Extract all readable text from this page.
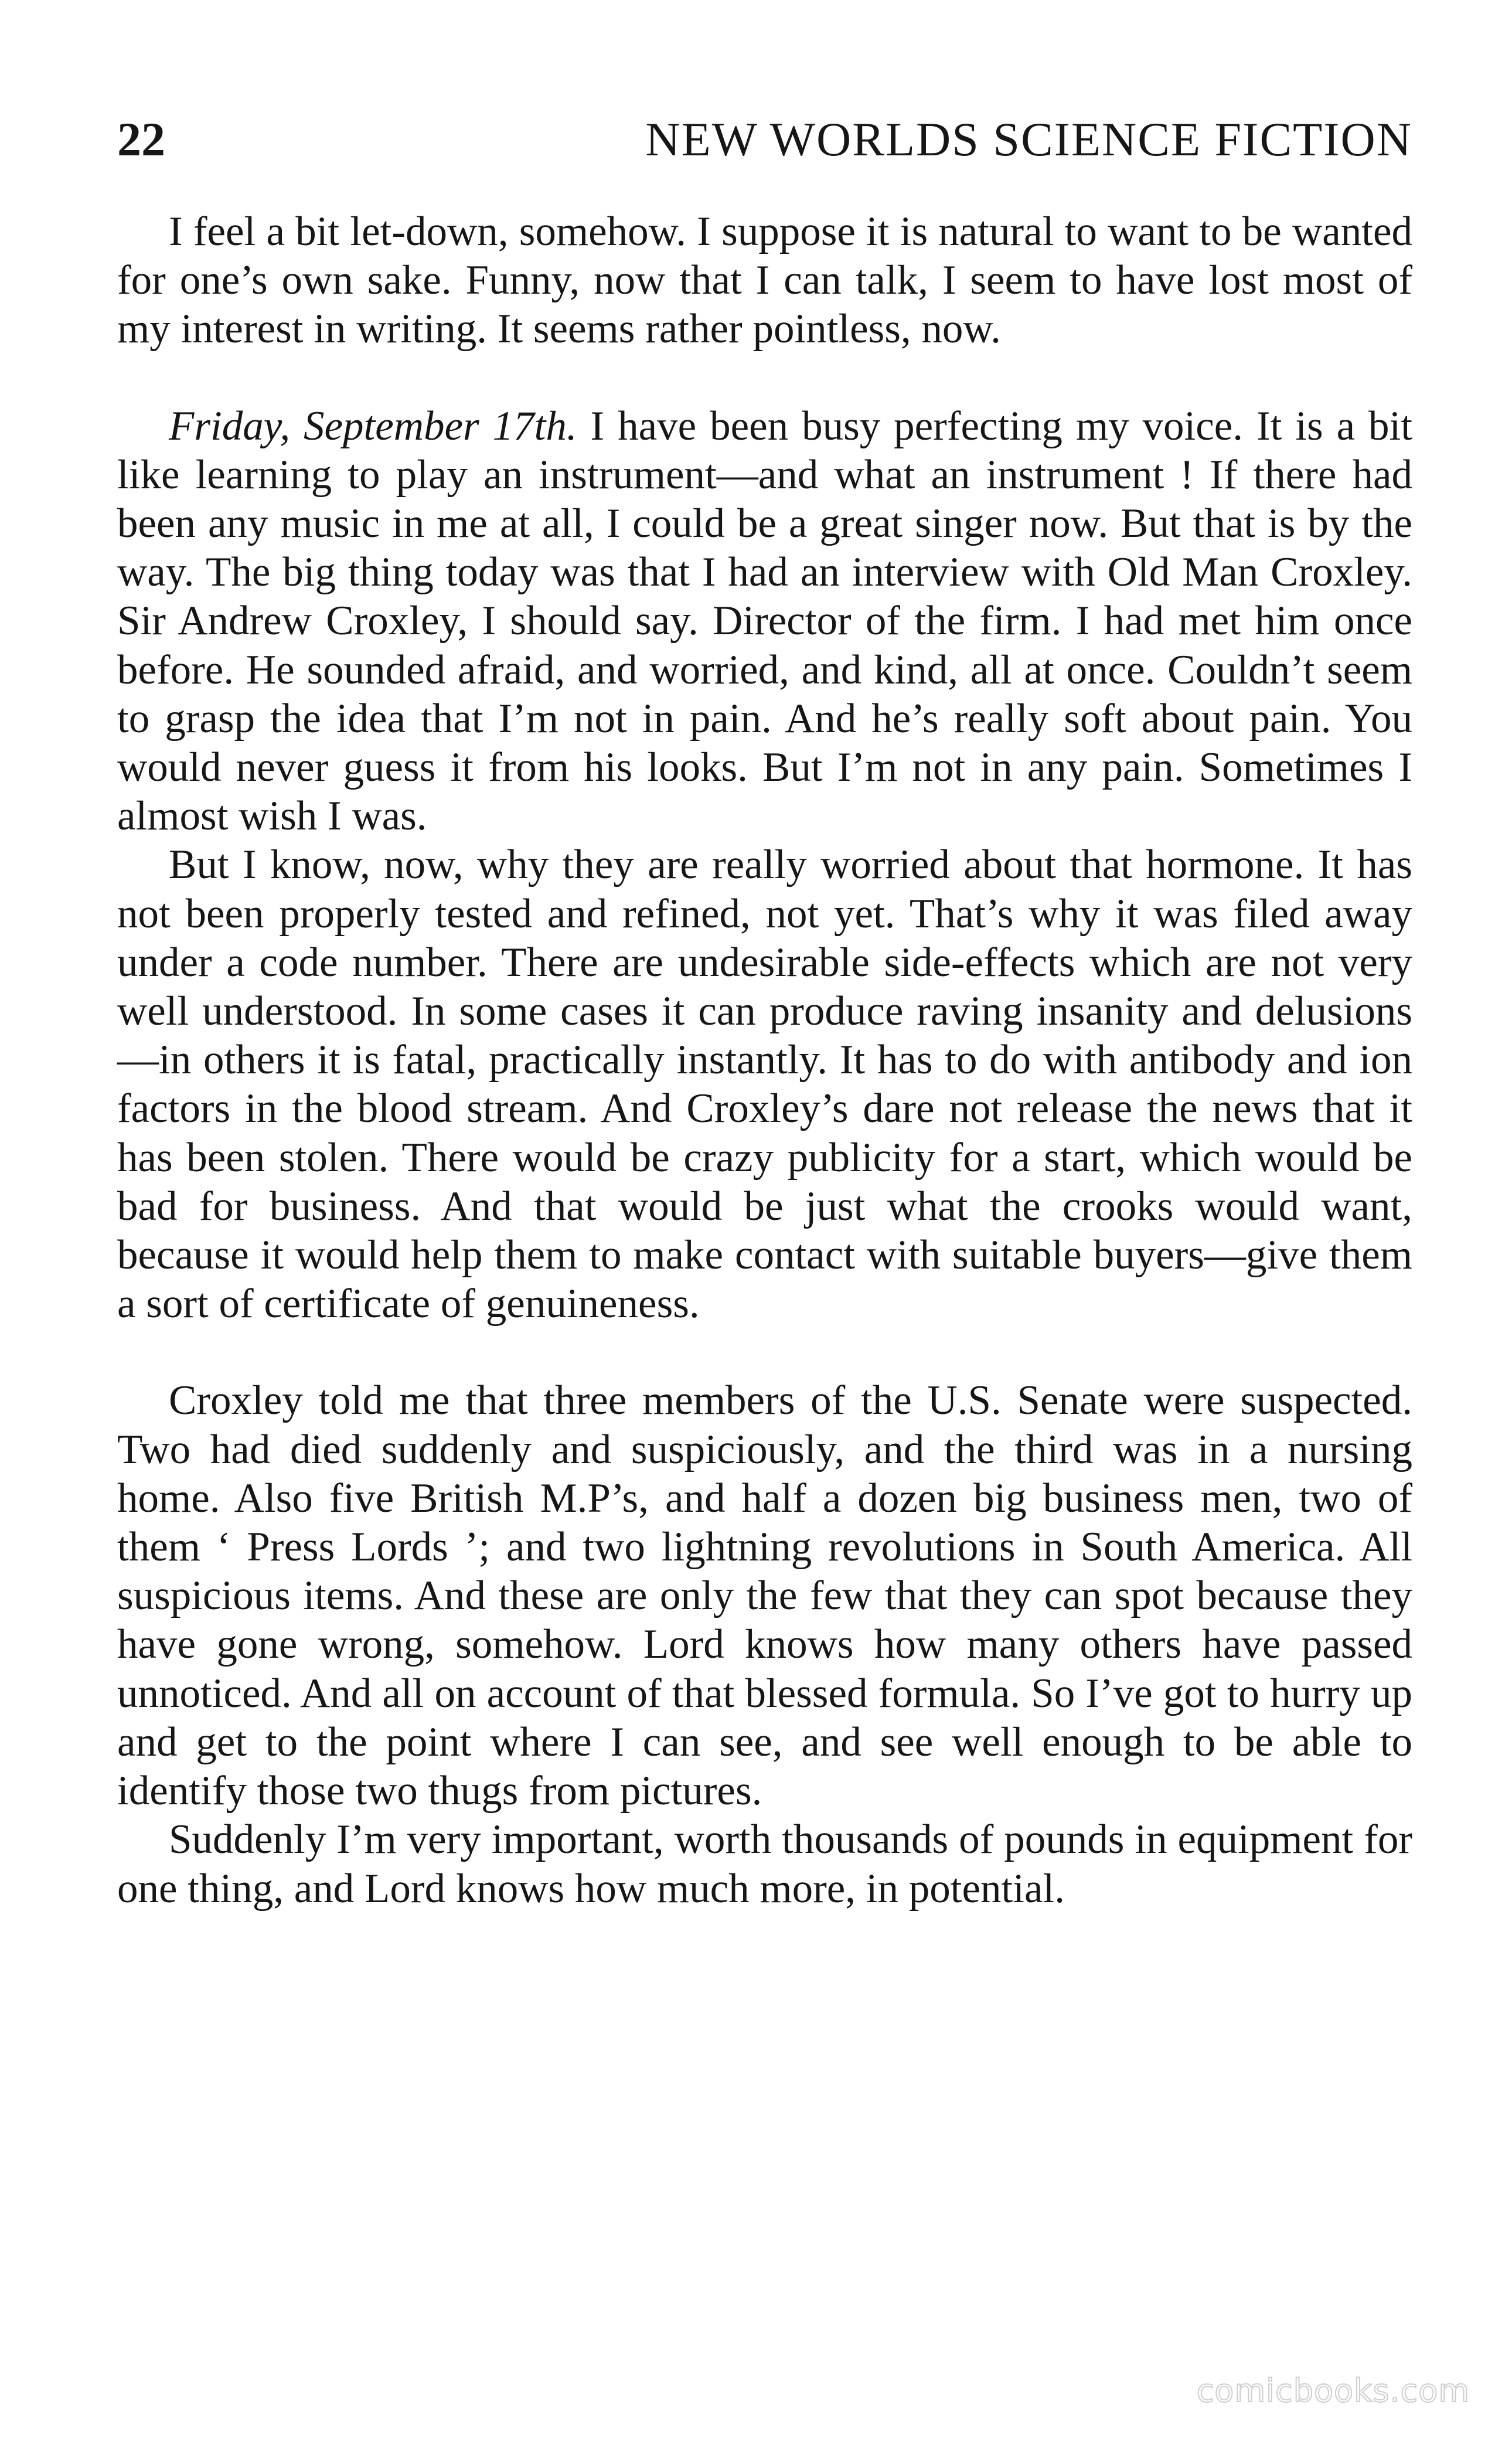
22	NEW WORLDS SCIENCE FICTION

I feel a bit let-down, somehow. I suppose it is natural to want to be wanted for one’s own sake. Funny, now that I can talk, I seem to have lost most of my interest in writing. It seems rather pointless, now.

Friday, September 17th. I have been busy perfecting my voice. It is a bit like learning to play an instrument—and what an instrument ! If there had been any music in me at all, I could be a great singer now. But that is by the way. The big thing today was that I had an interview with Old Man Croxley. Sir Andrew Croxley, I should say. Director of the firm. I had met him once before. He sounded afraid, and worried, and kind, all at once. Couldn’t seem to grasp the idea that I’m not in pain. And he’s really soft about pain. You would never guess it from his looks. But I’m not in any pain. Sometimes I almost wish I was.

But I know, now, why they are really worried about that hormone. It has not been properly tested and refined, not yet. That’s why it was filed away under a code number. There are undesirable side-effects which are not very well understood. In some cases it can produce raving insanity and delusions—in others it is fatal, practically instantly. It has to do with antibody and ion factors in the blood stream. And Croxley’s dare not release the news that it has been stolen. There would be crazy publicity for a start, which would be bad for business. And that would be just what the crooks would want, because it would help them to make contact with suitable buyers—give them a sort of certificate of genuineness.

Croxley told me that three members of the U.S. Senate were suspected. Two had died suddenly and suspiciously, and the third was in a nursing home. Also five British M.P’s, and half a dozen big business men, two of them ‘ Press Lords ’; and two lightning revolutions in South America. All suspicious items. And these are only the few that they can spot because they have gone wrong, somehow. Lord knows how many others have passed unnoticed. And all on account of that blessed formula. So I’ve got to hurry up and get to the point where I can see, and see well enough to be able to identify those two thugs from pictures.

Suddenly I’m very important, worth thousands of pounds in equipment for one thing, and Lord knows how much more, in potential.

comicbooks.com
